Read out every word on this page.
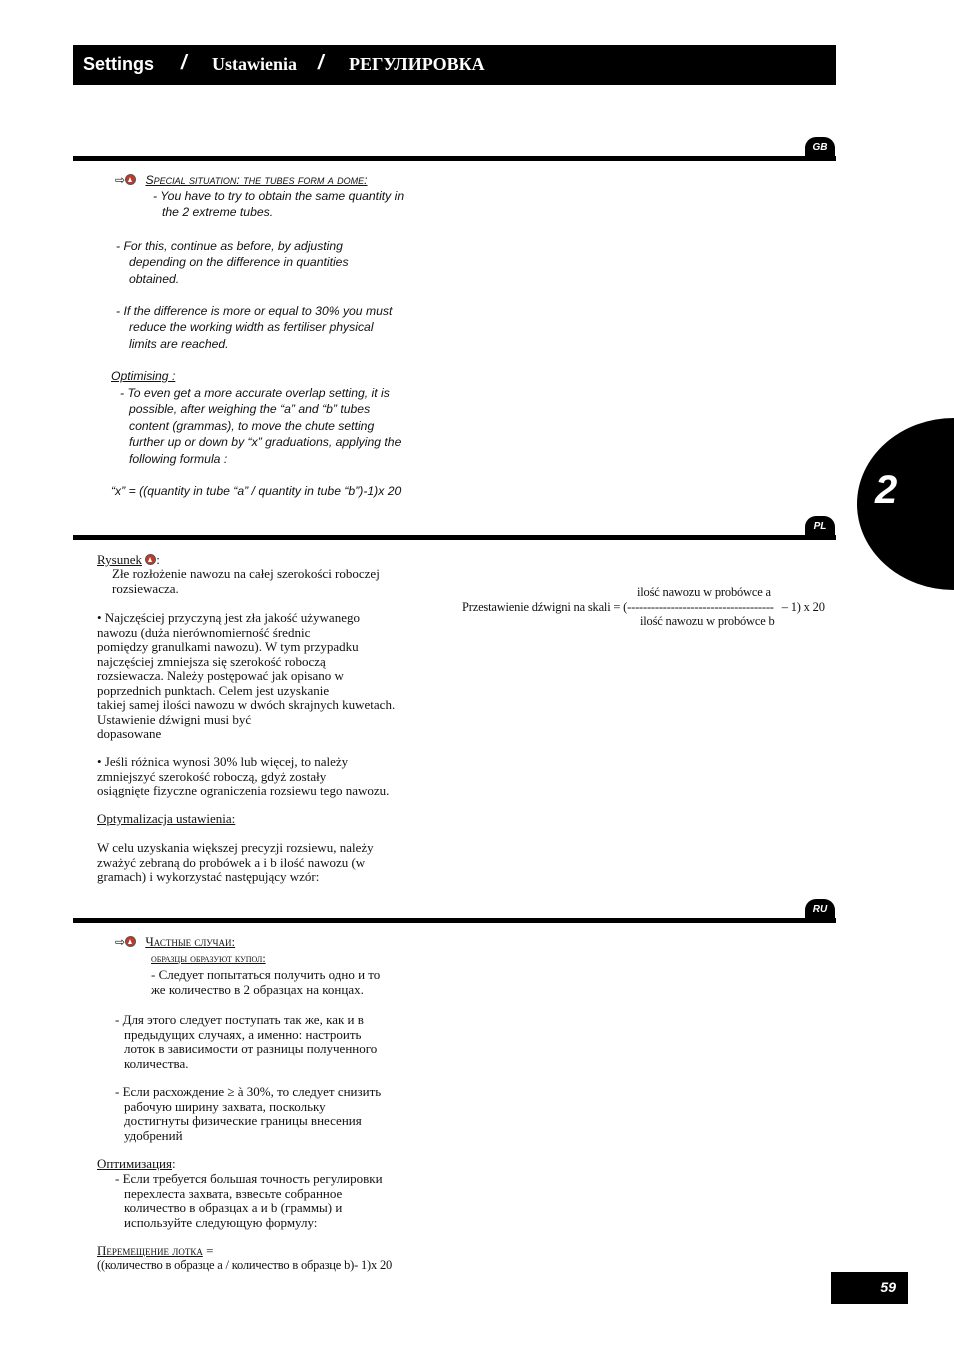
Settings / Ustawienia / РЕГУЛИРОВКА
2
GB
⇨ Special situation: the tubes form a dome:
- You have to try to obtain the same quantity in
the 2 extreme tubes.
- For this, continue as before, by adjusting
depending on the difference in quantities
obtained.
- If the difference is more or equal to 30% you must
reduce the working width as fertiliser physical
limits are reached.
Optimising :
- To even get a more accurate overlap setting, it is
possible, after weighing the “a” and “b” tubes
content (grammas), to move the chute setting
further up or down by “x” graduations, applying the
following formula :
“x” = ((quantity in tube “a” / quantity in tube “b”)-1)x 20
PL
Rysunek :
Złe rozłożenie nawozu na całej szerokości roboczej
rozsiewacza.
• Najczęściej przyczyną jest zła jakość używanego
nawozu (duża nierównomierność średnic
pomiędzy granulkami nawozu). W tym przypadku
najczęściej zmniejsza się szerokość roboczą
rozsiewacza. Należy postępować jak opisano w
poprzednich punktach. Celem jest uzyskanie
takiej samej ilości nawozu w dwóch skrajnych kuwetach.
Ustawienie dźwigni musi być
dopasowane
• Jeśli różnica wynosi 30% lub więcej, to należy
zmniejszyć szerokość roboczą, gdyż zostały
osiągnięte fizyczne ograniczenia rozsiewu tego nawozu.
Optymalizacja ustawienia:
W celu uzyskania większej precyzji rozsiewu, należy
zważyć zebraną do probówek a i b ilość nawozu (w
gramach) i wykorzystać następujący wzór:
ilość nawozu w probówce a
Przestawienie dźwigni na skali = (------------------------------------- – 1) x 20
ilość nawozu w probówce b
RU
⇨ Частные случаи:
образцы образуют купол:
- Следует попытаться получить одно и то
же количество в 2 образцах на концах.
- Для этого следует поступать так же, как и в
предыдущих случаях, а именно: настроить
лоток в зависимости от разницы полученного
количества.
- Если расхождение ≥ à 30%, то следует снизить
рабочую ширину захвата, поскольку
достигнуты физические границы внесения
удобрений
Оптимизация:
- Если требуется большая точность регулировки
перехлеста захвата, взвесьте собранное
количество в образцах a и b (граммы) и
используйте следующую формулу:
Перемещение лотка =
((количество в образце a / количество в образце b)- 1)x 20
59
